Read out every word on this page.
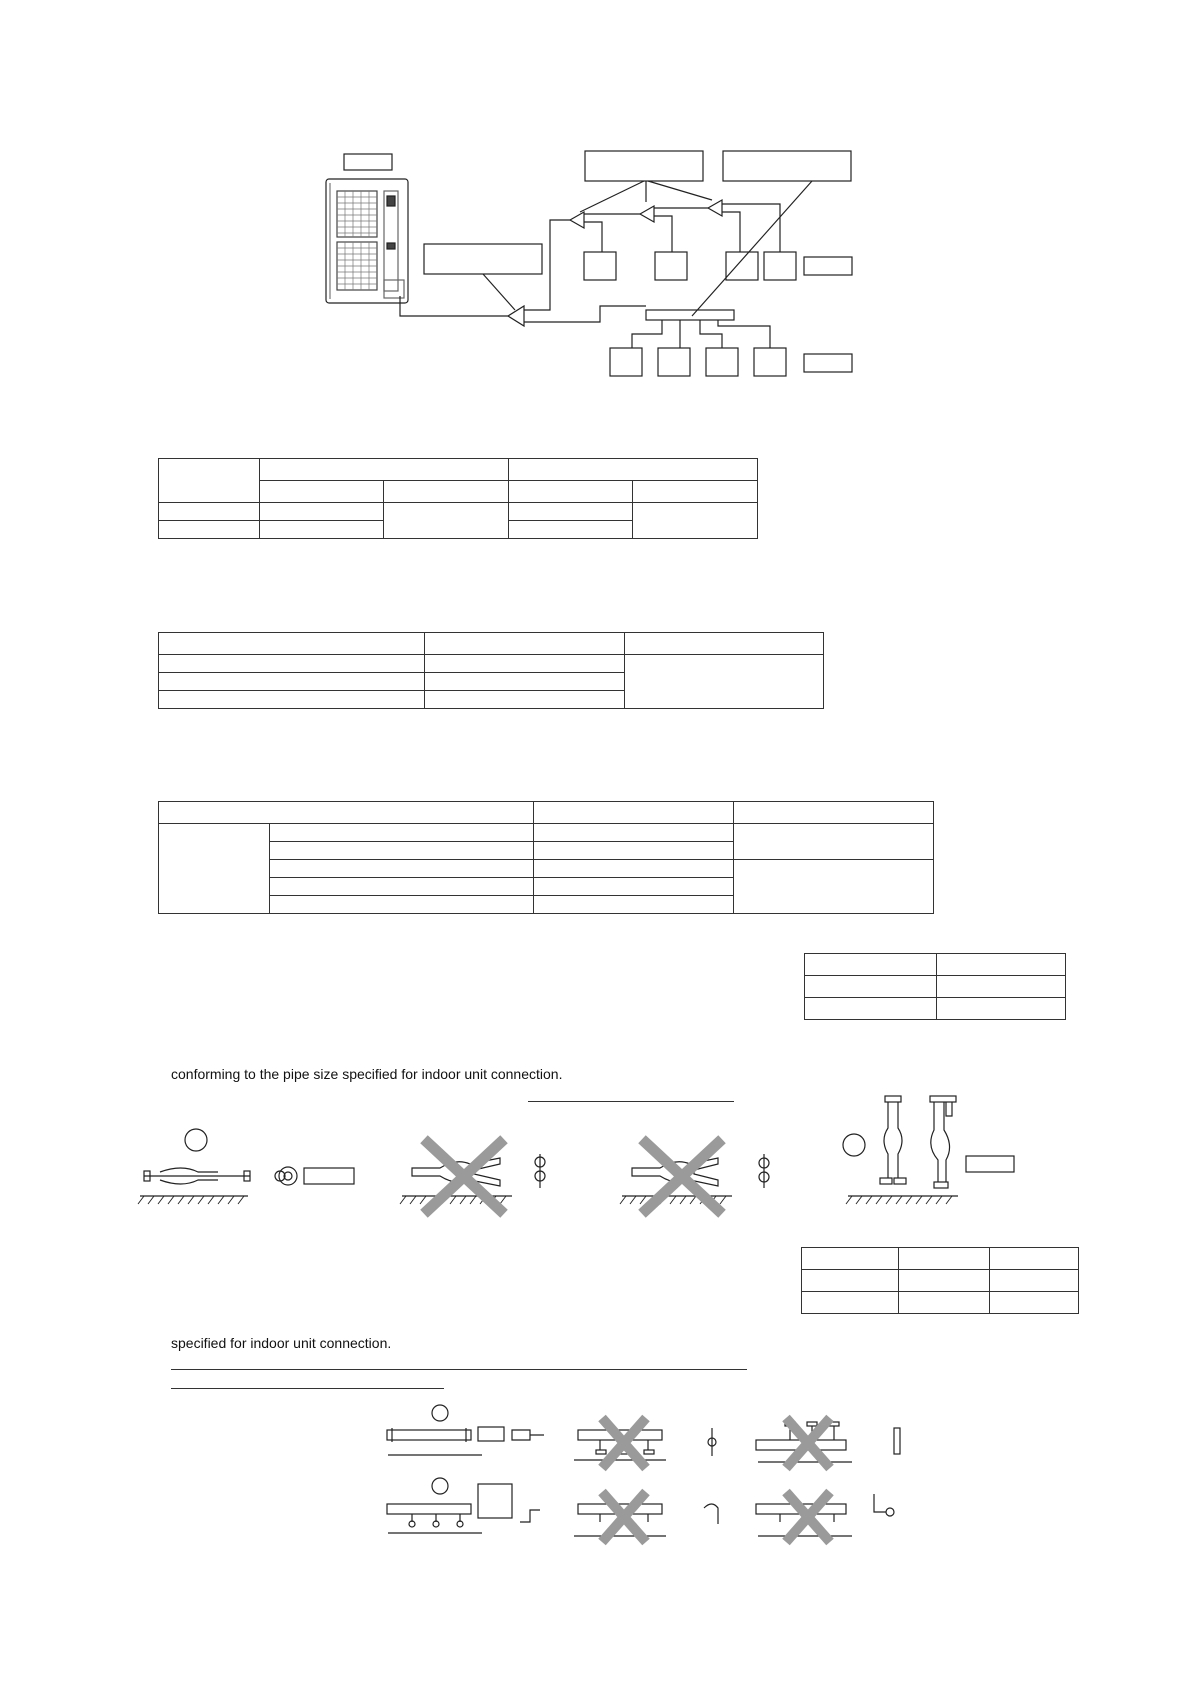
conforming to the pipe size specified for indoor unit connection.

specified for indoor unit connection.
